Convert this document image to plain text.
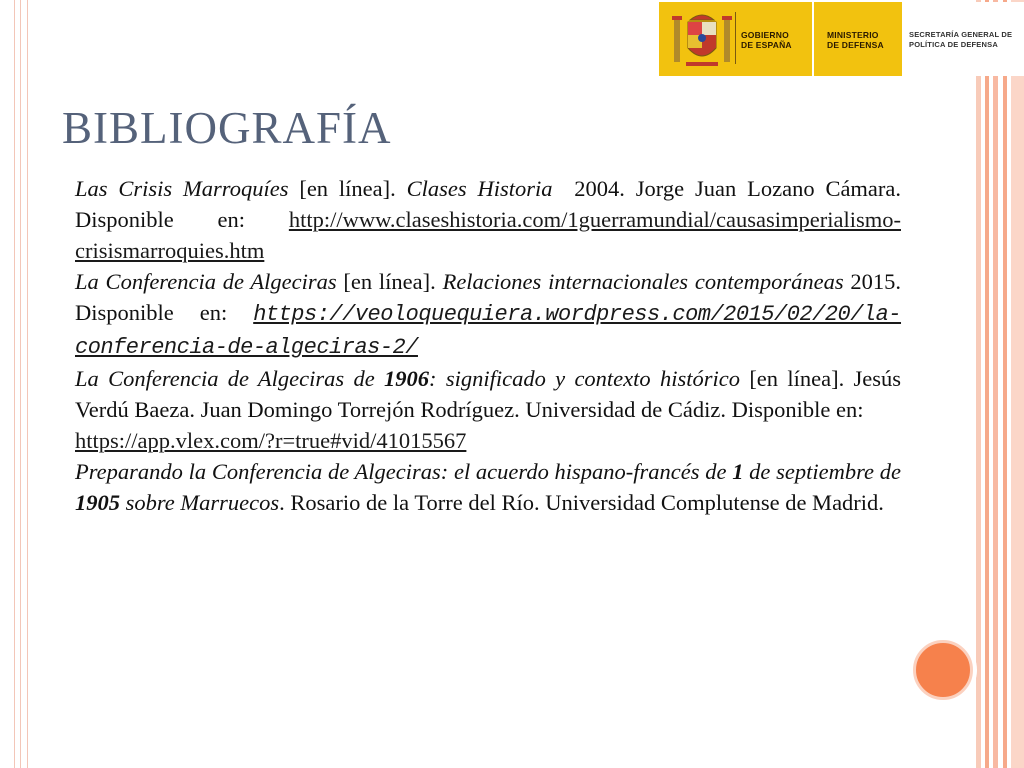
GOBIERNO
DE ESPAÑA
MINISTERIO
DE DEFENSA
SECRETARÍA GENERAL DE
POLÍTICA DE DEFENSA
BIBLIOGRAFÍA

Las Crisis Marroquíes [en línea]. Clases Historia 2004. Jorge Juan Lozano Cámara. Disponible en: http://www.claseshistoria.com/1guerramundial/causasimperialismo-crisismarroquies.htm

La Conferencia de Algeciras [en línea]. Relaciones internacionales contemporáneas 2015. Disponible en: https://veoloquequiera.wordpress.com/2015/02/20/la-conferencia-de-algeciras-2/

La Conferencia de Algeciras de 1906: significado y contexto histórico [en línea]. Jesús Verdú Baeza. Juan Domingo Torrejón Rodríguez. Universidad de Cádiz. Disponible en:
https://app.vlex.com/?r=true#vid/41015567

Preparando la Conferencia de Algeciras: el acuerdo hispano-francés de 1 de septiembre de 1905 sobre Marruecos. Rosario de la Torre del Río. Universidad Complutense de Madrid.
